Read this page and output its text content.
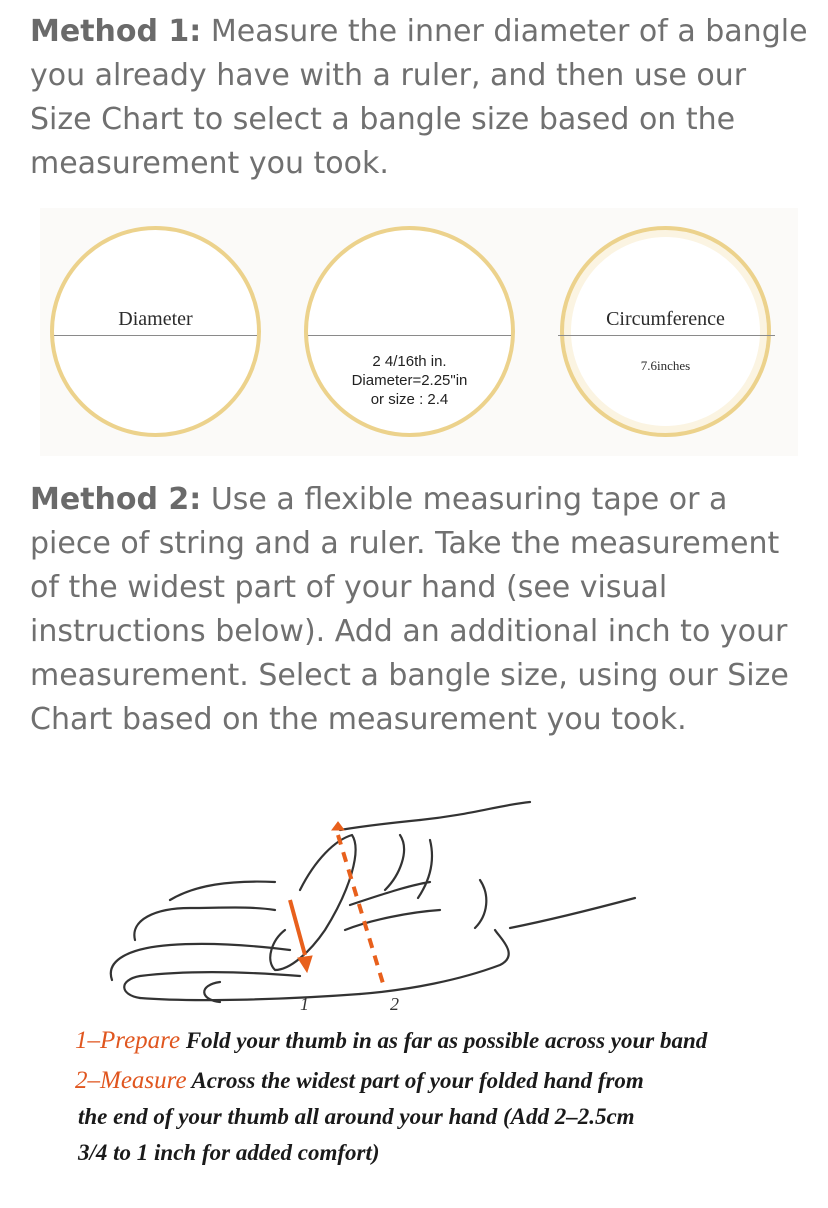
Method 1: Measure the inner diameter of a bangle you already have with a ruler, and then use our Size Chart to select a bangle size based on the measurement you took.

Diameter
2 4/16th in.
Diameter=2.25"in
or size : 2.4
Circumference
7.6inches

Method 2: Use a flexible measuring tape or a piece of string and a ruler. Take the measurement of the widest part of your hand (see visual instructions below). Add an additional inch to your measurement. Select a bangle size, using our Size Chart based on the measurement you took.

1	2

1–Prepare Fold your thumb in as far as possible across your band

2–Measure Across the widest part of your folded hand from

the end of your thumb all around your hand (Add 2–2.5cm

3/4 to 1 inch for added comfort)
